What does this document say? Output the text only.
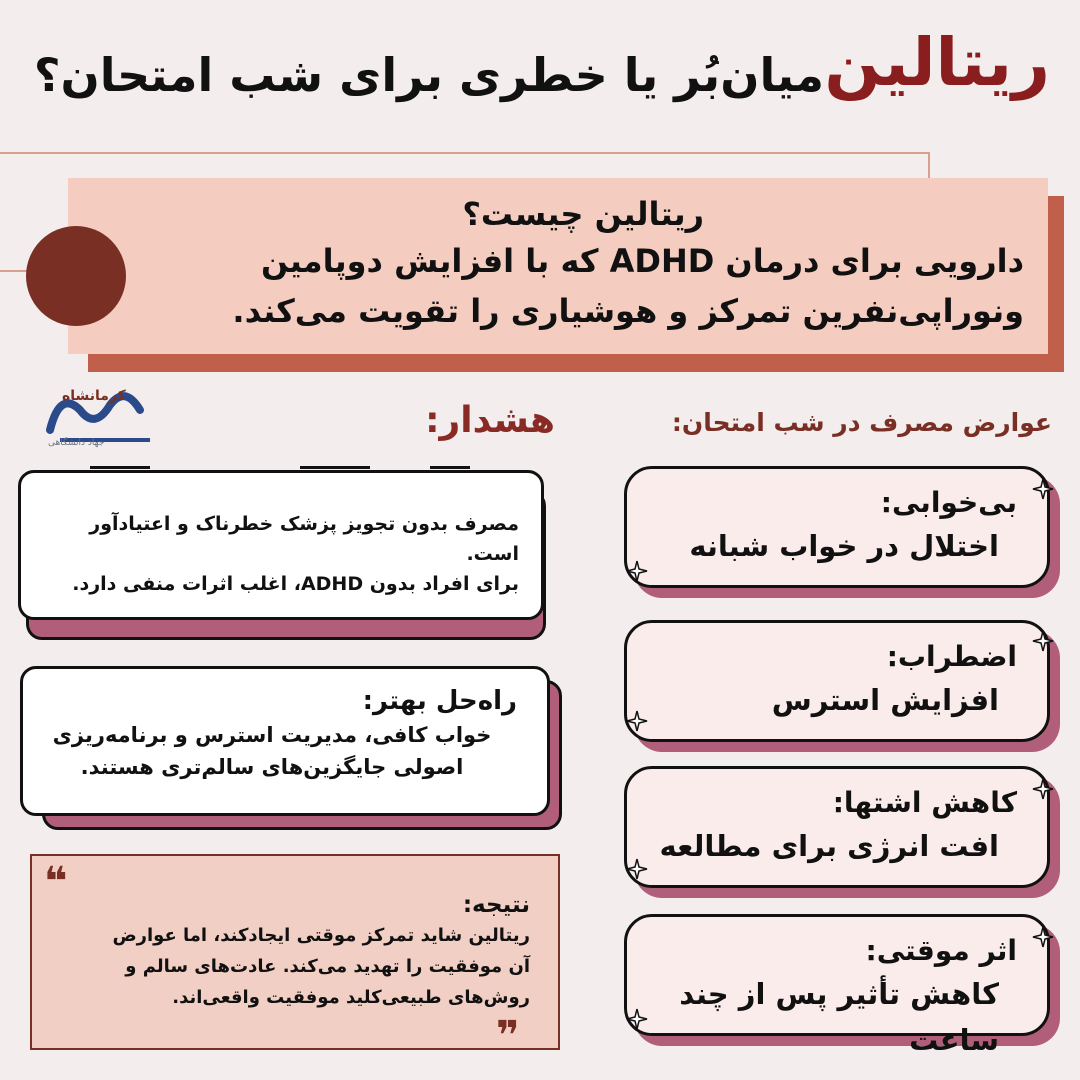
ریتالین
میان‌بُر یا خطری برای شب امتحان؟
ریتالین چیست؟
دارویی برای درمان ADHD که با افزایش دوپامین
ونوراپی‌نفرین تمرکز و هوشیاری را تقویت می‌کند.
کرمانشاه
جهاد دانشگاهی
هشدار:	عوارض مصرف در شب امتحان:
مصرف بدون تجویز پزشک خطرناک و اعتیادآور است.
برای افراد بدون ADHD، اغلب اثرات منفی دارد.
راه‌حل بهتر:
خواب کافی، مدیریت استرس و برنامه‌ریزی
اصولی جایگزین‌های سالم‌تری هستند.
نتیجه:
ریتالین شاید تمرکز موقتی ایجادکند، اما عوارض
آن موفقیت را تهدید می‌کند. عادت‌های سالم و
روش‌های طبیعی‌کلید موفقیت واقعی‌اند.
❝
❞
بی‌خوابی:
اختلال در خواب شبانه
اضطراب:
افزایش استرس
کاهش اشتها:
افت انرژی برای مطالعه
اثر موقتی:
کاهش تأثیر پس از چند ساعت
